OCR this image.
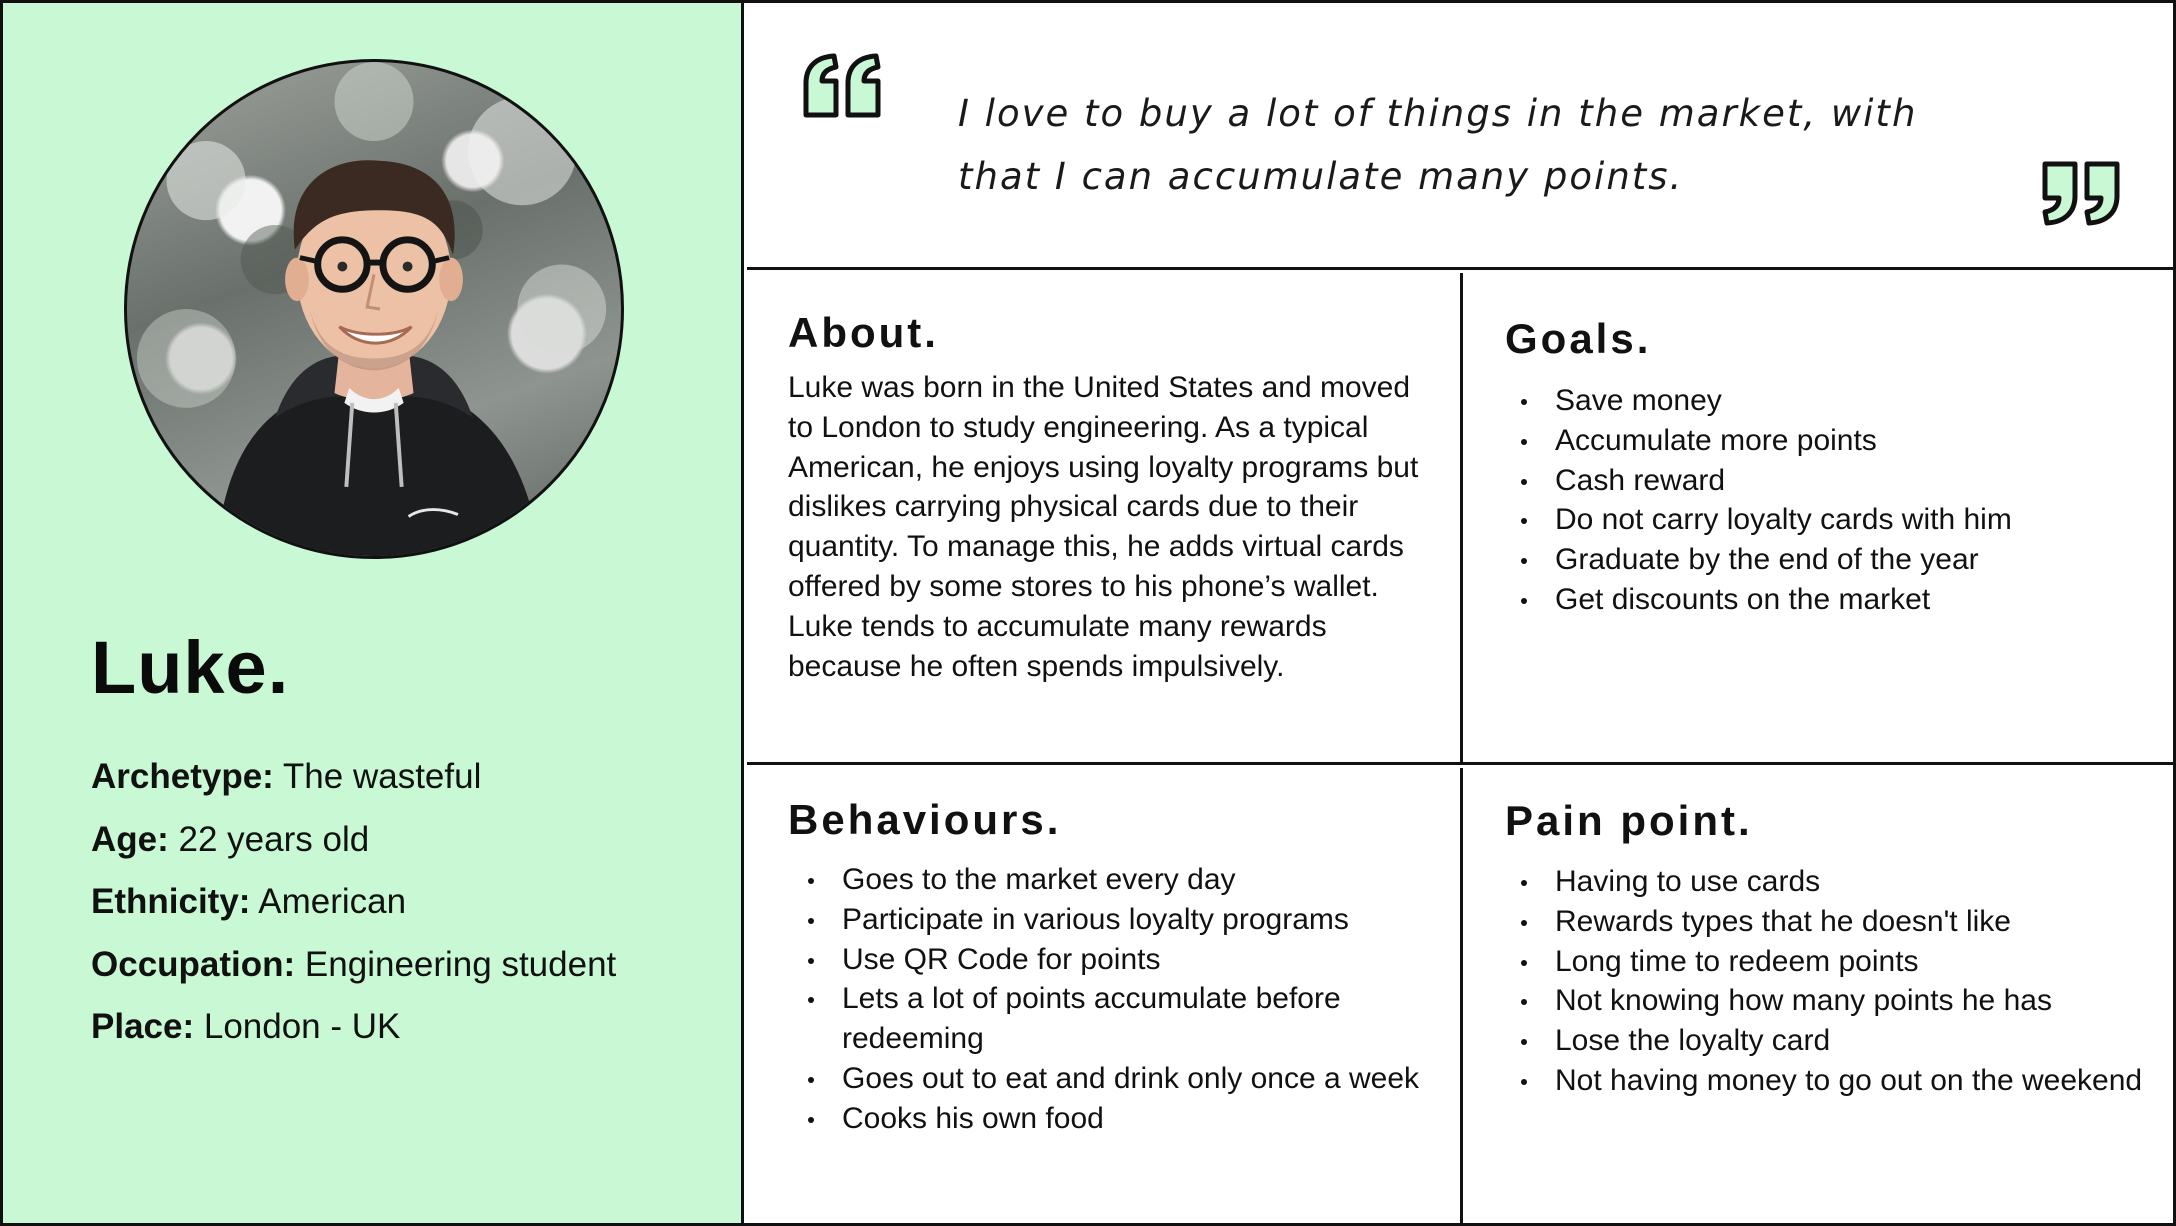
Luke.
Archetype: The wasteful
Age: 22 years old
Ethnicity: American
Occupation: Engineering student
Place: London - UK
I love to buy a lot of things in the market, with that I can accumulate many points.
About.

Luke was born in the United States and moved to London to study engineering. As a typical American, he enjoys using loyalty programs but dislikes carrying physical cards due to their quantity. To manage this, he adds virtual cards offered by some stores to his phone’s wallet. Luke tends to accumulate many rewards because he often spends impulsively.

Goals.
Save money
Accumulate more points
Cash reward
Do not carry loyalty cards with him
Graduate by the end of the year
Get discounts on the market
Behaviours.
Goes to the market every day
Participate in various loyalty programs
Use QR Code for points
Lets a lot of points accumulate before redeeming
Goes out to eat and drink only once a week
Cooks his own food
Pain point.
Having to use cards
Rewards types that he doesn't like
Long time to redeem points
Not knowing how many points he has
Lose the loyalty card
Not having money to go out on the weekend
